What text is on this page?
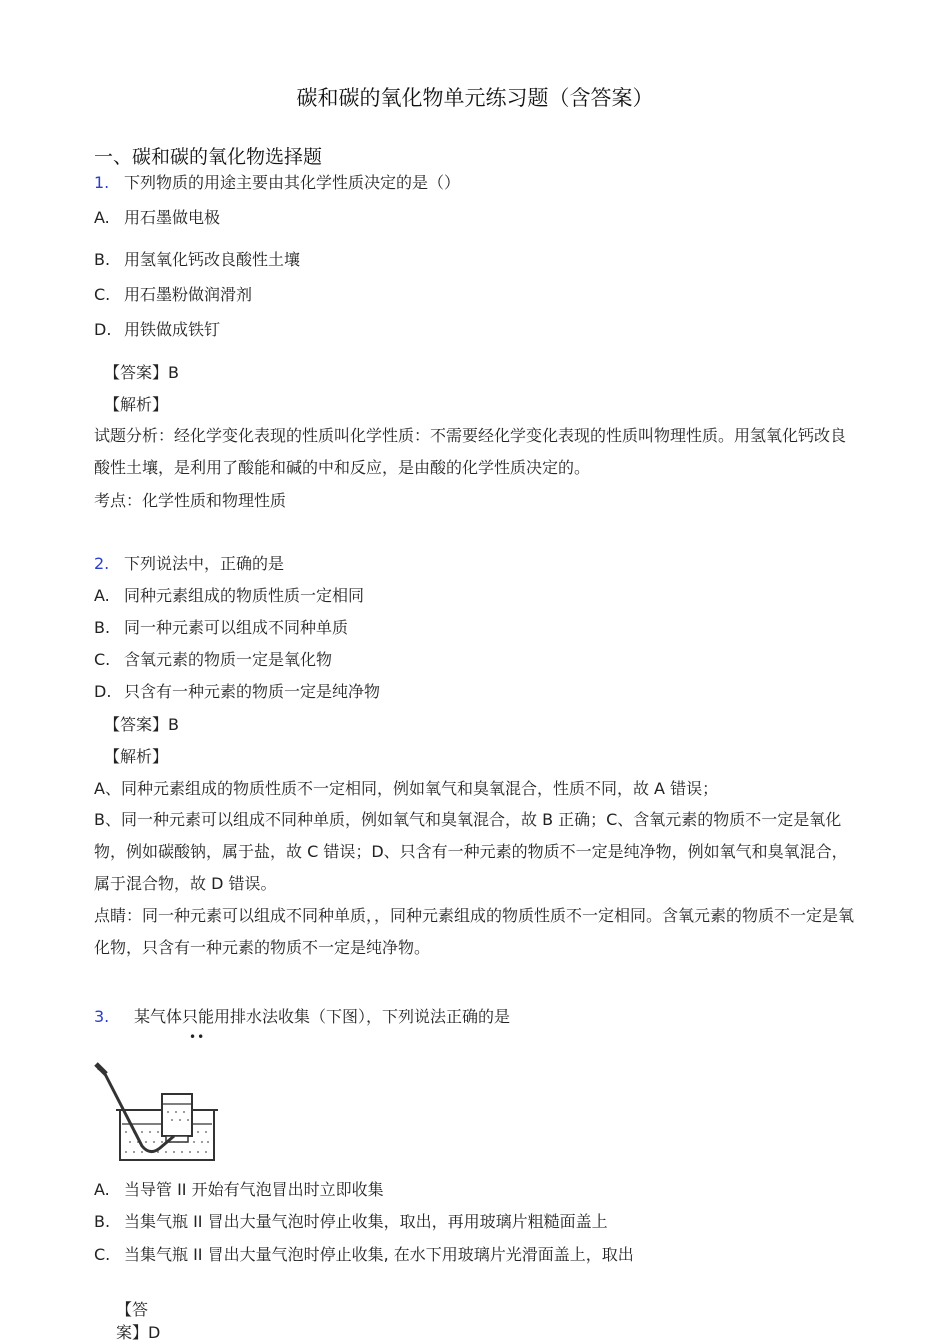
碳和碳的氧化物单元练习题（含答案）
一、碳和碳的氧化物选择题
1. 下列物质的用途主要由其化学性质决定的是（）
A. 用石墨做电极
B. 用氢氧化钙改良酸性土壤
C. 用石墨粉做润滑剂
D. 用铁做成铁钉
【答案】B
【解析】
试题分析：经化学变化表现的性质叫化学性质：不需要经化学变化表现的性质叫物理性质。用氢氧化钙改良酸性土壤，是利用了酸能和碱的中和反应，是由酸的化学性质决定的。
考点：化学性质和物理性质
2. 下列说法中，正确的是
A. 同种元素组成的物质性质一定相同
B. 同一种元素可以组成不同种单质
C. 含氧元素的物质一定是氧化物
D. 只含有一种元素的物质一定是纯净物
【答案】B
【解析】
A、同种元素组成的物质性质不一定相同，例如氧气和臭氧混合，性质不同，故 A 错误；
B、同一种元素可以组成不同种单质，例如氧气和臭氧混合，故 B 正确；C、含氧元素的物质不一定是氧化物，例如碳酸钠，属于盐，故 C 错误；D、只含有一种元素的物质不一定是纯净物，例如氧气和臭氧混合，属于混合物，故 D 错误。
点睛：同一种元素可以组成不同种单质，，同种元素组成的物质性质不一定相同。含氧元素的物质不一定是氧化物，只含有一种元素的物质不一定是纯净物。
3. 某气体只能用排水法收集（下图），下列说法正确的是
••
A. 当导管 II 开始有气泡冒出时立即收集
B. 当集气瓶 II 冒出大量气泡时停止收集，取出，再用玻璃片粗糙面盖上
C. 当集气瓶 II 冒出大量气泡时停止收集, 在水下用玻璃片光滑面盖上，取出
【答案】D
